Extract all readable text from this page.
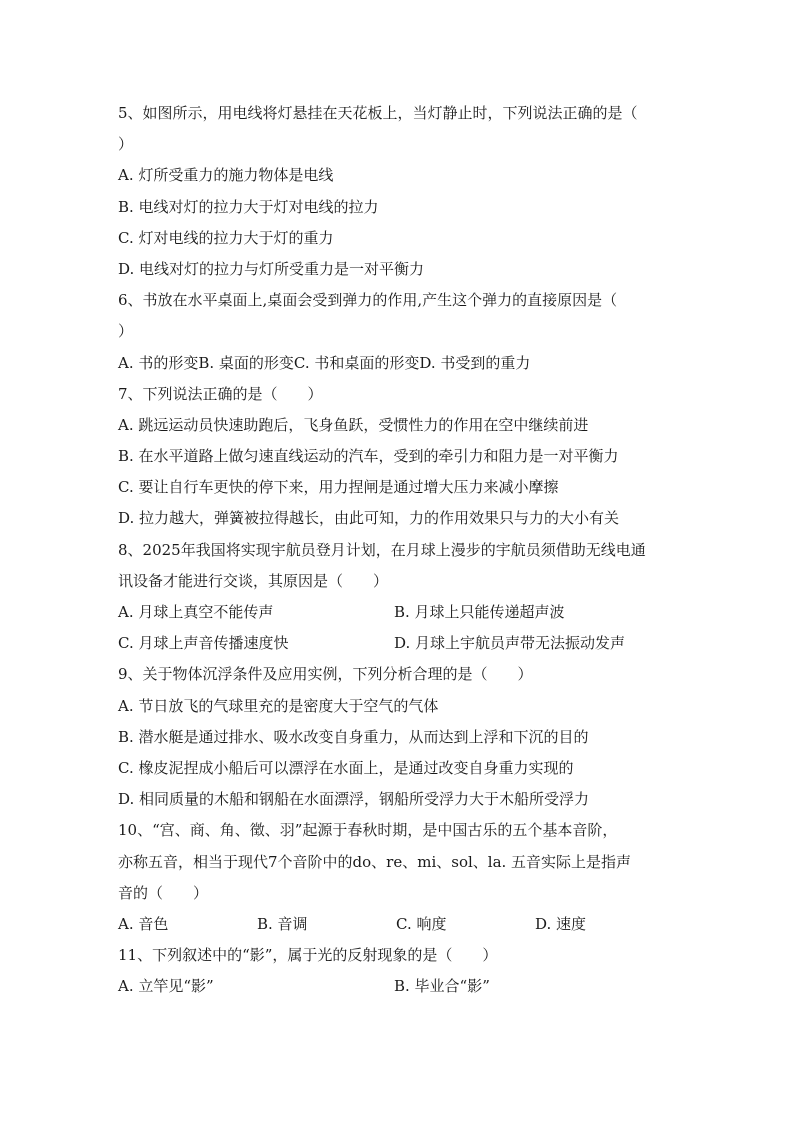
5、如图所示，用电线将灯悬挂在天花板上，当灯静止时，下列说法正确的是（
）
A. 灯所受重力的施力物体是电线
B. 电线对灯的拉力大于灯对电线的拉力
C. 灯对电线的拉力大于灯的重力
D. 电线对灯的拉力与灯所受重力是一对平衡力
6、书放在水平桌面上,桌面会受到弹力的作用,产生这个弹力的直接原因是（
）
A. 书的形变B. 桌面的形变C. 书和桌面的形变D. 书受到的重力
7、下列说法正确的是（　　）
A. 跳远运动员快速助跑后，飞身鱼跃，受惯性力的作用在空中继续前进
B. 在水平道路上做匀速直线运动的汽车，受到的牵引力和阻力是一对平衡力
C. 要让自行车更快的停下来，用力捏闸是通过增大压力来减小摩擦
D. 拉力越大，弹簧被拉得越长，由此可知，力的作用效果只与力的大小有关
8、2025年我国将实现宇航员登月计划，在月球上漫步的宇航员须借助无线电通
讯设备才能进行交谈，其原因是（　　）
A. 月球上真空不能传声	B. 月球上只能传递超声波
C. 月球上声音传播速度快	D. 月球上宇航员声带无法振动发声
9、关于物体沉浮条件及应用实例，下列分析合理的是（　　）
A. 节日放飞的气球里充的是密度大于空气的气体
B. 潜水艇是通过排水、吸水改变自身重力，从而达到上浮和下沉的目的
C. 橡皮泥捏成小船后可以漂浮在水面上，是通过改变自身重力实现的
D. 相同质量的木船和钢船在水面漂浮，钢船所受浮力大于木船所受浮力
10、“宫、商、角、徵、羽”起源于春秋时期，是中国古乐的五个基本音阶，
亦称五音，相当于现代7个音阶中的do、re、mi、sol、la. 五音实际上是指声
音的（　　）
A. 音色	B. 音调	C. 响度	D. 速度
11、下列叙述中的“影”，属于光的反射现象的是（　　）
A. 立竿见“影”	B. 毕业合“影”
